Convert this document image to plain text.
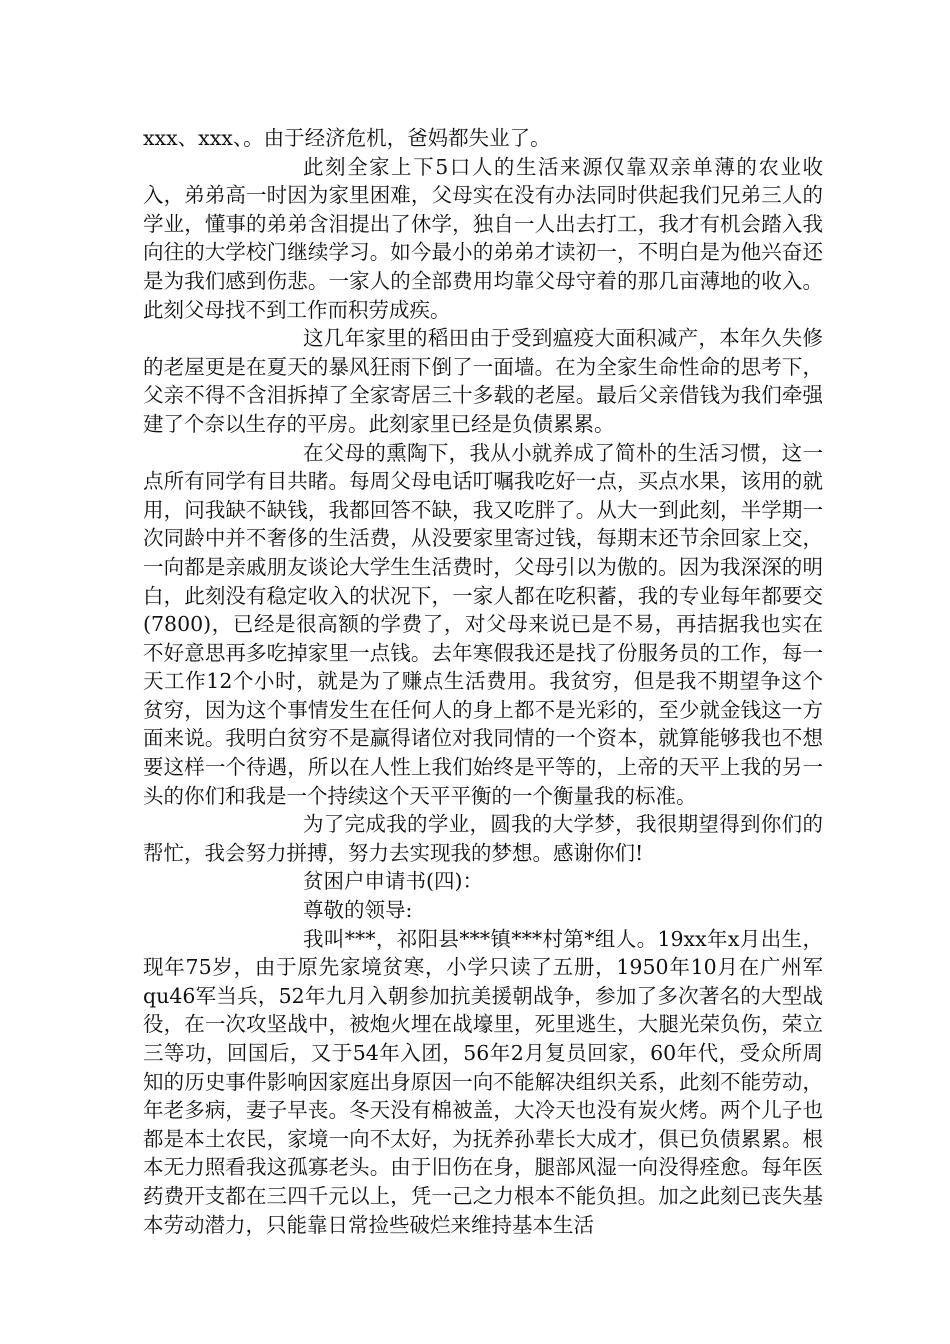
xxx、xxx、。由于经济危机，爸妈都失业了。

此刻全家上下5口人的生活来源仅靠双亲单薄的农业收入，弟弟高一时因为家里困难，父母实在没有办法同时供起我们兄弟三人的学业，懂事的弟弟含泪提出了休学，独自一人出去打工，我才有机会踏入我向往的大学校门继续学习。如今最小的弟弟才读初一，不明白是为他兴奋还是为我们感到伤悲。一家人的全部费用均靠父母守着的那几亩薄地的收入。此刻父母找不到工作而积劳成疾。

这几年家里的稻田由于受到瘟疫大面积减产，本年久失修的老屋更是在夏天的暴风狂雨下倒了一面墙。在为全家生命性命的思考下，父亲不得不含泪拆掉了全家寄居三十多载的老屋。最后父亲借钱为我们牵强建了个奈以生存的平房。此刻家里已经是负债累累。

在父母的熏陶下，我从小就养成了简朴的生活习惯，这一点所有同学有目共睹。每周父母电话叮嘱我吃好一点，买点水果，该用的就用，问我缺不缺钱，我都回答不缺，我又吃胖了。从大一到此刻，半学期一次同龄中并不奢侈的生活费，从没要家里寄过钱，每期末还节余回家上交，一向都是亲戚朋友谈论大学生生活费时，父母引以为傲的。因为我深深的明白，此刻没有稳定收入的状况下，一家人都在吃积蓄，我的专业每年都要交(7800)，已经是很高额的学费了，对父母来说已是不易，再拮据我也实在不好意思再多吃掉家里一点钱。去年寒假我还是找了份服务员的工作，每一天工作12个小时，就是为了赚点生活费用。我贫穷，但是我不期望争这个贫穷，因为这个事情发生在任何人的身上都不是光彩的，至少就金钱这一方面来说。我明白贫穷不是赢得诸位对我同情的一个资本，就算能够我也不想要这样一个待遇，所以在人性上我们始终是平等的，上帝的天平上我的另一头的你们和我是一个持续这个天平平衡的一个衡量我的标准。

为了完成我的学业，圆我的大学梦，我很期望得到你们的帮忙，我会努力拼搏，努力去实现我的梦想。感谢你们!

贫困户申请书(四)：

尊敬的领导:

我叫***，祁阳县***镇***村第*组人。19xx年x月出生，现年75岁，由于原先家境贫寒，小学只读了五册，1950年10月在广州军qu46军当兵，52年九月入朝参加抗美援朝战争，参加了多次著名的大型战役，在一次攻坚战中，被炮火埋在战壕里，死里逃生，大腿光荣负伤，荣立三等功，回国后，又于54年入团，56年2月复员回家，60年代，受众所周知的历史事件影响因家庭出身原因一向不能解决组织关系，此刻不能劳动，年老多病，妻子早丧。冬天没有棉被盖，大冷天也没有炭火烤。两个儿子也都是本土农民，家境一向不太好，为抚养孙辈长大成才，俱已负债累累。根本无力照看我这孤寡老头。由于旧伤在身，腿部风湿一向没得痊愈。每年医药费开支都在三四千元以上，凭一己之力根本不能负担。加之此刻已丧失基本劳动潜力，只能靠日常捡些破烂来维持基本生活
